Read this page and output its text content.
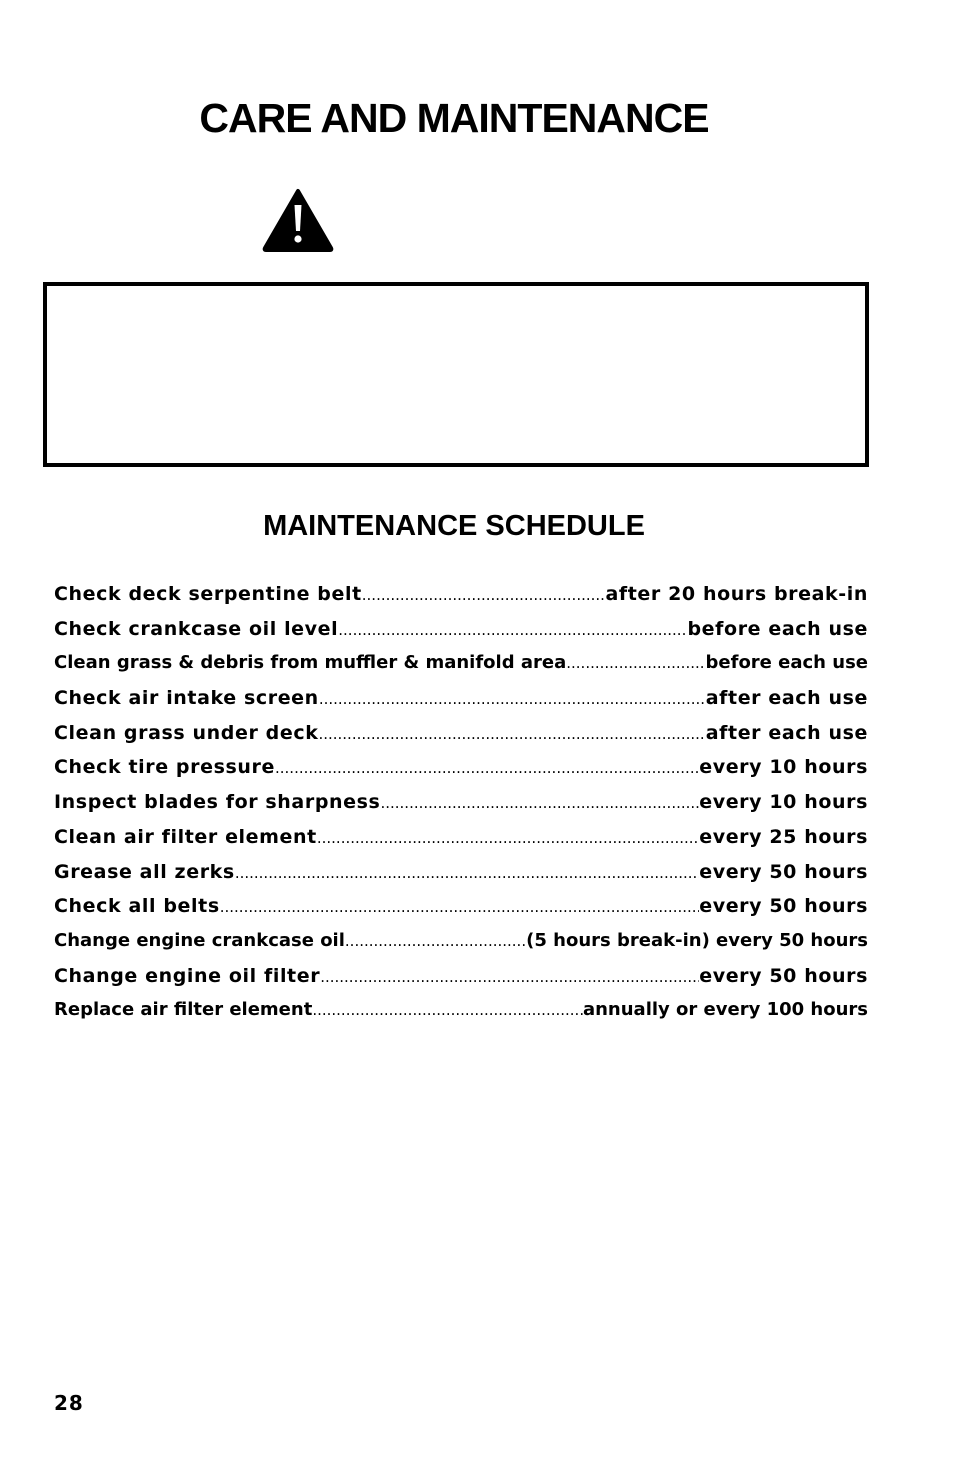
CARE AND MAINTENANCE
MAINTENANCE SCHEDULE
Check deck serpentine belt .....	after 20 hours break-in
Check crankcase oil level .....	before each use
Clean grass & debris from muffler & manifold area .....	before each use
Check air intake screen .....	after each use
Clean grass under deck .....	after each use
Check tire pressure .....	every 10 hours
Inspect blades for sharpness .....	every 10 hours
Clean air filter element .....	every 25 hours
Grease all zerks .....	every 50 hours
Check all belts .....	every 50 hours
Change engine crankcase oil .....	(5 hours break-in) every 50 hours
Change engine oil filter .....	every 50 hours
Replace air filter element .....	annually or every 100 hours
28
